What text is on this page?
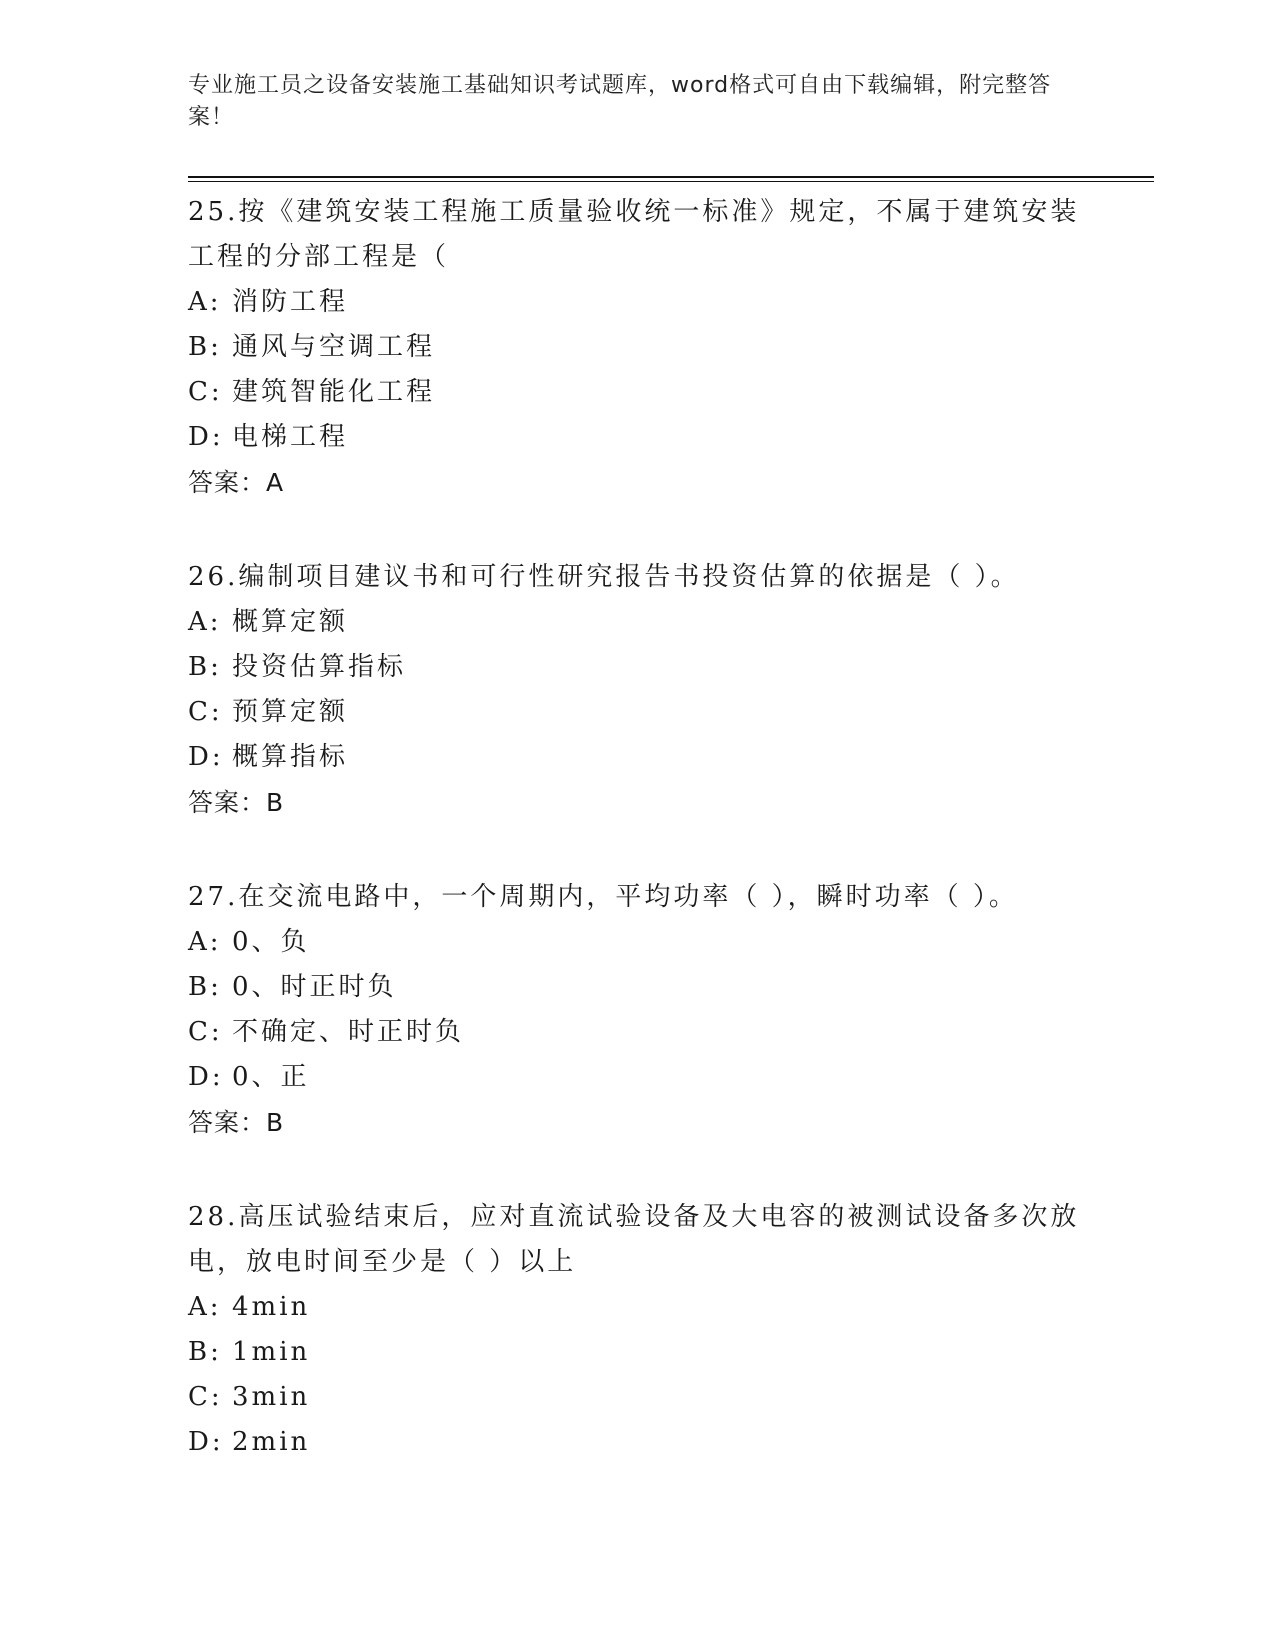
专业施工员之设备安装施工基础知识考试题库，word格式可自由下载编辑，附完整答案！

25.按《建筑安装工程施工质量验收统一标准》规定，不属于建筑安装工程的分部工程是（

A: 消防工程

B: 通风与空调工程

C: 建筑智能化工程

D: 电梯工程

答案：A

26.编制项目建议书和可行性研究报告书投资估算的依据是（ ）。

A: 概算定额

B: 投资估算指标

C: 预算定额

D: 概算指标

答案：B

27.在交流电路中，一个周期内，平均功率（ ），瞬时功率（ ）。

A: 0、负

B: 0、时正时负

C: 不确定、时正时负

D: 0、正

答案：B

28.高压试验结束后，应对直流试验设备及大电容的被测试设备多次放电，放电时间至少是（ ）以上

A: 4min

B: 1min

C: 3min

D: 2min
